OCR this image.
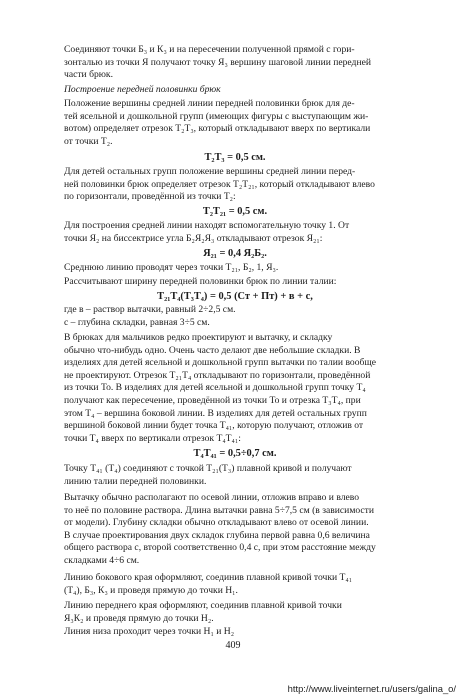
Соединяют точки Б₃ и К₃ и на пересечении полученной прямой с гори-
зонталью из точки Я получают точку Я₃ вершину шаговой линии передней
части брюк.
Построение передней половинки брюк
Положение вершины средней линии передней половинки брюк для де-
тей ясельной и дошкольной групп (имеющих фигуры с выступающим жи-
вотом) определяет отрезок Т₂Т₃, который откладывают вверх по вертикали
от точки Т₂.
Т₂Т₃ = 0,5 см.
Для детей остальных групп положение вершины средней линии перед-
ней половинки брюк определяет отрезок Т₂Т₂₁, который откладывают влево
по горизонтали, проведённой из точки Т₂:
Т₂Т₂₁ = 0,5 см.
Для построения средней линии находят вспомогательную точку 1. От
точки Я₂ на биссектрисе угла Б₂Я₂Я₃ откладывают отрезок Я₂₁:
Я₂₁ = 0,4 Я₂Б₂.
Среднюю линию проводят через точки Т₂₁, Б₂, 1, Я₃.
Рассчитывают ширину передней половинки брюк по линии талии:
Т₂₁Т₄(Т₃Т₄) = 0,5 (Ст + Пт) + в + с,
где в – раствор вытачки, равный 2÷2,5 см.
с – глубина складки, равная 3÷5 см.
В брюках для мальчиков редко проектируют и вытачку, и складку
обычно что-нибудь одно. Очень часто делают две небольшие складки. В
изделиях для детей ясельной и дошкольной групп вытачки по талии вообще
не проектируют. Отрезок Т₂₁Т₄ откладывают по горизонтали, проведённой
из точки То. В изделиях для детей ясельной и дошкольной групп точку Т₄
получают как пересечение, проведённой из точки То и отрезка Т₃Т₄, при
этом Т₄ – вершина боковой линии. В изделиях для детей остальных групп
вершиной боковой линии будет точка Т₄₁, которую получают, отложив от
точки Т₄ вверх по вертикали отрезок Т₄Т₄₁:
Т₄Т₄₁ = 0,5÷0,7 см.
Точку Т₄₁ (Т₄) соединяют с точкой Т₂₁(Т₃) плавной кривой и получают
линию талии передней половинки.
Вытачку обычно располагают по осевой линии, отложив вправо и влево
то неё по половине раствора. Длина вытачки равна 5÷7,5 см (в зависимости
от модели). Глубину складки обычно откладывают влево от осевой линии.
В случае проектирования двух складок глубина первой равна 0,6 величина
общего раствора с, второй соответственно 0,4 с, при этом расстояние между
складками 4÷6 см.
Линию бокового края оформляют, соединив плавной кривой точки Т₄₁
(Т₄), Б₃, К₃ и проведя прямую до точки Н₁.
Линию переднего края оформляют, соединив плавной кривой точки
Я₃К₂ и проведя прямую до точки Н₂.
Линия низа проходит через точки Н₁ и Н₂
409
http://www.liveinternet.ru/users/galina_o/
